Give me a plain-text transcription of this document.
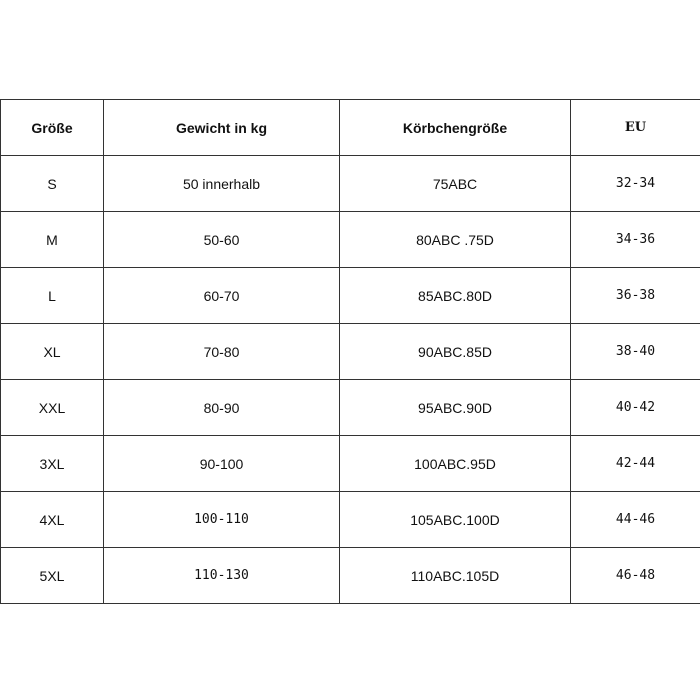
Größe	Gewicht in kg	Körbchengröße	EU
S	50 innerhalb	75ABC	32-34
M	50-60	80ABC .75D	34-36
L	60-70	85ABC.80D	36-38
XL	70-80	90ABC.85D	38-40
XXL	80-90	95ABC.90D	40-42
3XL	90-100	100ABC.95D	42-44
4XL	100-110	105ABC.100D	44-46
5XL	110-130	110ABC.105D	46-48
